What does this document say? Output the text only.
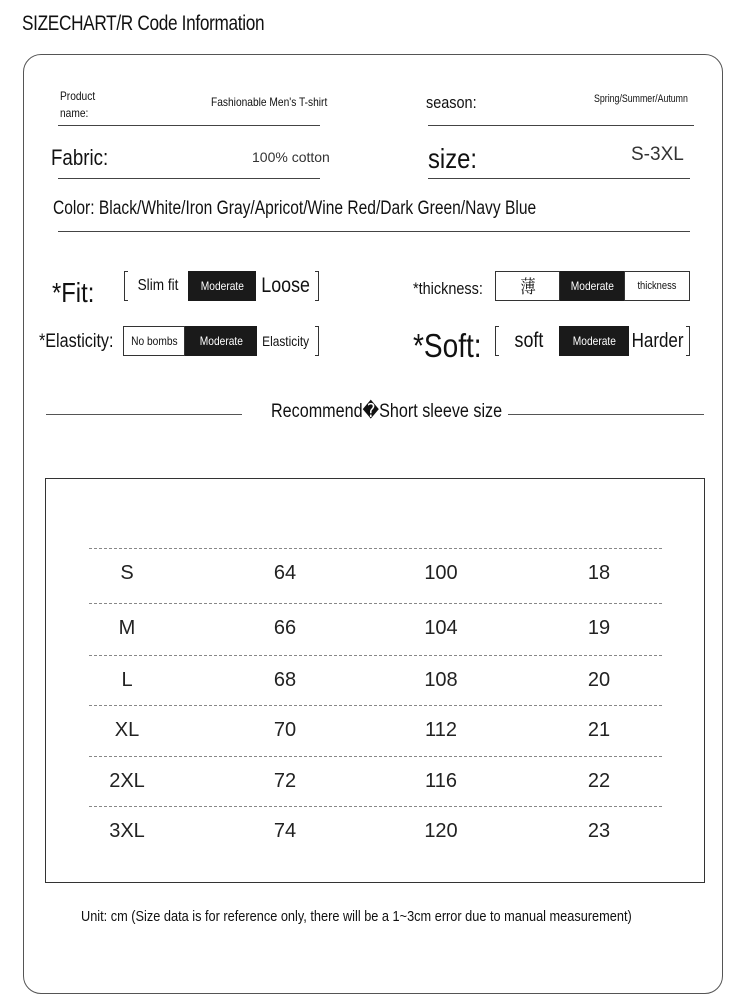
SIZECHART/R Code Information
Product name:
Fashionable Men's T-shirt	season:	Spring/Summer/Autumn
Fabric:	100% cotton	size:	S-3XL
Color: Black/White/Iron Gray/Apricot/Wine Red/Dark Green/Navy Blue
*Fit:	Slim fit Moderate Loose	*thickness: 薄	Moderate thickness
*Elasticity: No bombs Moderate Elasticity	*Soft: soft Moderate Harder
Recommend�Short sleeve size
S	64	100	18
M	66	104	19
L	68	108	20
XL	70	112	21
2XL	72	116	22
3XL	74	120	23
Unit: cm (Size data is for reference only, there will be a 1~3cm error due to manual measurement)
